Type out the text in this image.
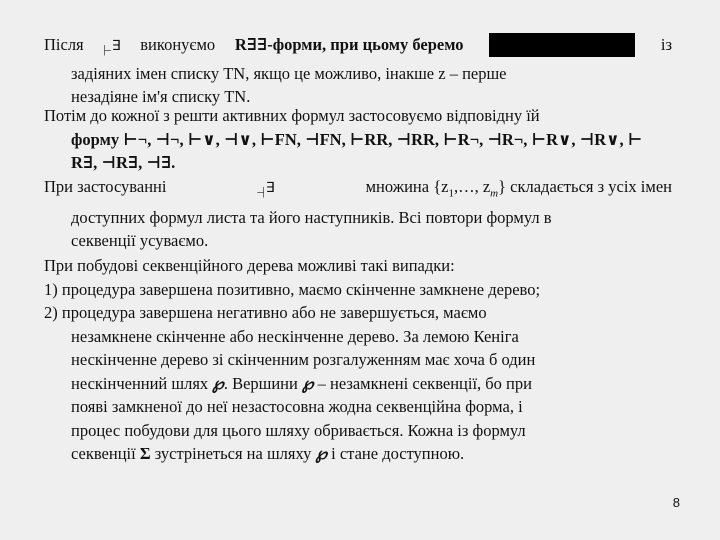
Після |– ∃ виконуємо R∃∃-форми, при цьому беремо	із
задіяних імен списку TN, якщо це можливо, інакше z – перше
незадіяне ім'я списку TN.
Потім до кожної з решти активних формул застосовуємо відповідну їй
форму ⊢¬, ⊣¬, ⊢∨, ⊣∨, ⊢FN, ⊣FN, ⊢RR, ⊣RR, ⊢R¬, ⊣R¬, ⊢R∨, ⊣R∨, ⊢
R∃, ⊣R∃, ⊣∃.
При застосуванні	–| ∃	множина {$z_1,\dots$, $z_m$} складається з усіх імен
доступних формул листа та його наступників. Всі повтори формул в
секвенції усуваємо.
При побудові секвенційного дерева можливі такі випадки:
1) процедура завершена позитивно, маємо скінченне замкнене дерево;
2) процедура завершена негативно або не завершується, маємо
незамкнене скінченне або нескінченне дерево. За лемою Кеніга
нескінченне дерево зі скінченним розгалуженням має хоча б один
нескінченний шлях ℘. Вершини ℘ – незамкнені секвенції, бо при
появі замкненої до неї незастосовна жодна секвенційна форма, і
процес побудови для цього шляху обривається. Кожна із формул
секвенції Σ зустрінеться на шляху ℘ і стане доступною.
8
